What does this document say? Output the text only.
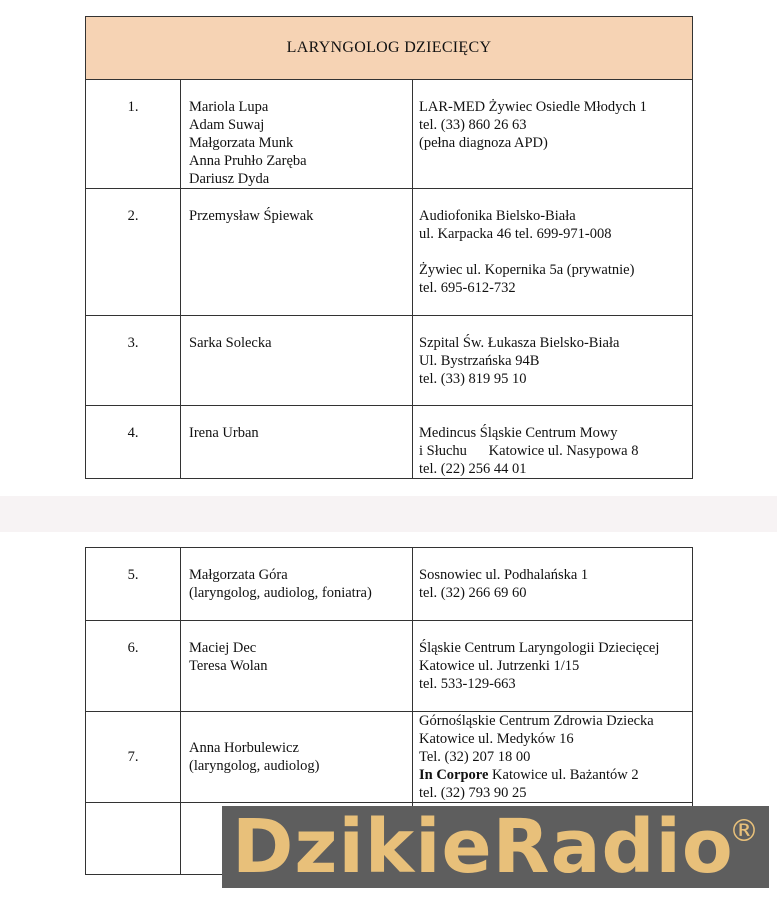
LARYNGOLOG DZIECIĘCY		
1.	Mariola Lupa
Adam Suwaj
Małgorzata Munk
Anna Pruhło Zaręba
Dariusz Dyda	LAR-MED Żywiec Osiedle Młodych 1
tel. (33) 860 26 63
(pełna diagnoza APD)

2.	Przemysław Śpiewak	Audiofonika Bielsko-Biała
ul. Karpacka 46 tel. 699-971-008
Żywiec ul. Kopernika 5a (prywatnie)
tel. 695-612-732

3.	Sarka Solecka	Szpital Św. Łukasza Bielsko-Biała
Ul. Bystrzańska 94B
tel. (33) 819 95 10

4.	Irena Urban	Medincus Śląskie Centrum Mowy
i Słuchu      Katowice ul. Nasypowa 8
tel. (22) 256 44 01
5.	Małgorzata Góra
(laryngolog, audiolog, foniatra)	Sosnowiec ul. Podhalańska 1
tel. (32) 266 69 60

6.	Maciej Dec
Teresa Wolan	Śląskie Centrum Laryngologii Dziecięcej
Katowice ul. Jutrzenki 1/15
tel. 533-129-663

7.	Anna Horbulewicz
(laryngolog, audiolog)	Górnośląskie Centrum Zdrowia Dziecka
Katowice ul. Medyków 16
Tel. (32) 207 18 00
In Corpore Katowice ul. Bażantów 2
tel. (32) 793 90 25

DzikieRadio
®
